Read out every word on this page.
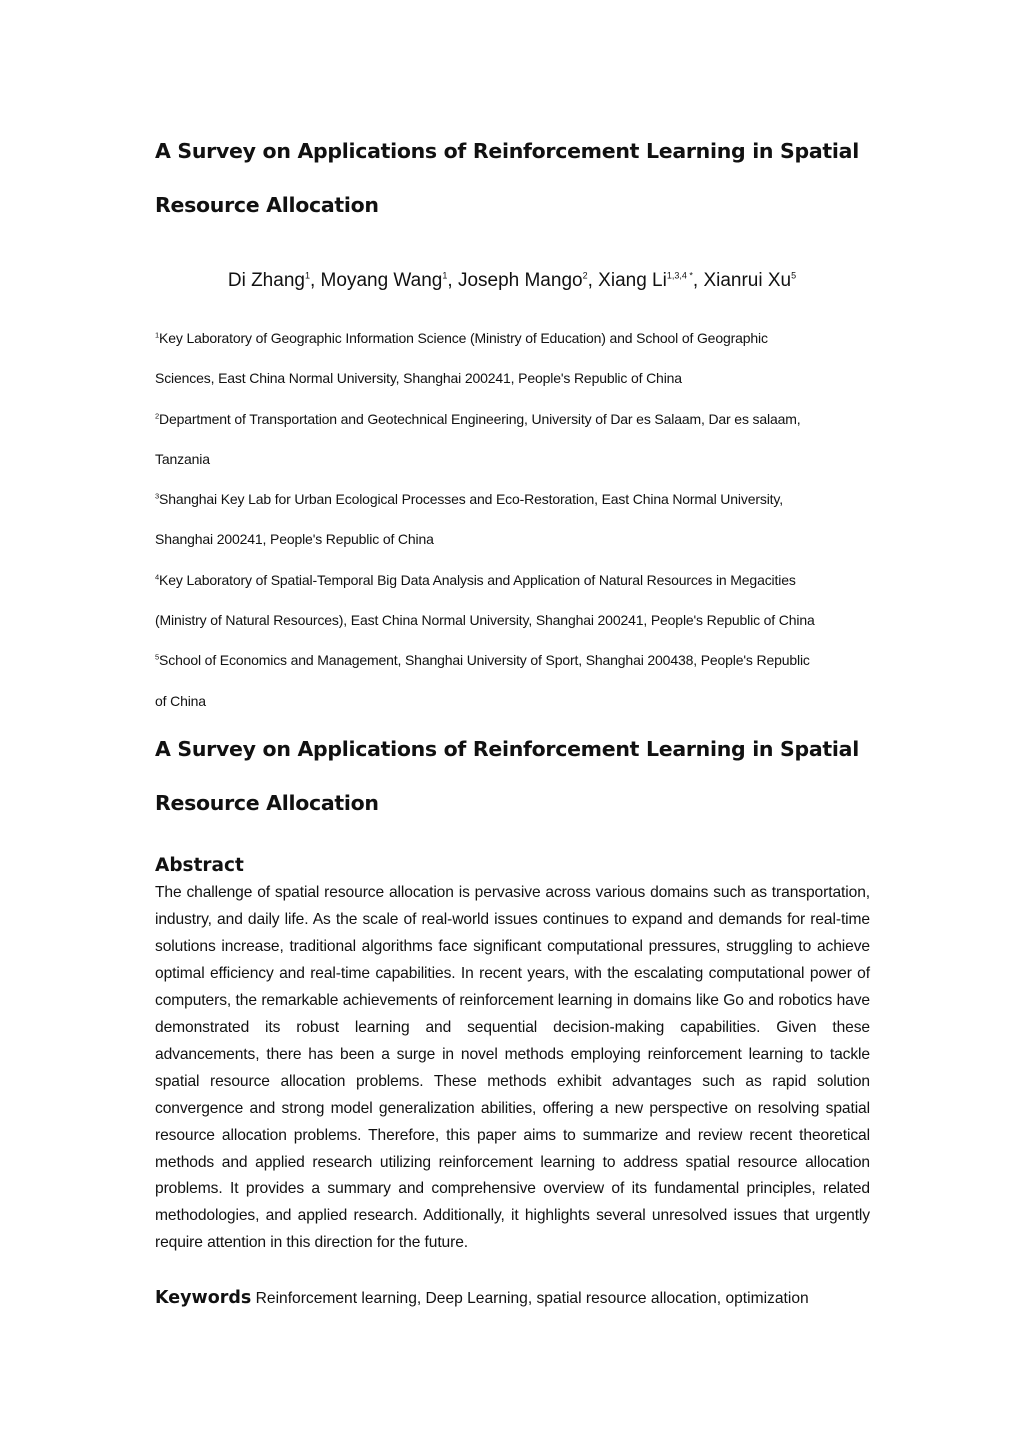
A Survey on Applications of Reinforcement Learning in Spatial
Resource Allocation
Di Zhang$^1$, Moyang Wang$^1$, Joseph Mango$^2$, Xiang $Li^{1,3,4 *}$, Xianrui Xu$^5$

$^1$Key Laboratory of Geographic Information Science (Ministry of Education) and School of Geographic

Sciences, East China Normal University, Shanghai 200241, People's Republic of China

$^2$Department of Transportation and Geotechnical Engineering, University of Dar es Salaam, Dar es salaam,

Tanzania

$^3$Shanghai Key Lab for Urban Ecological Processes and Eco-Restoration, East China Normal University,

Shanghai 200241, People's Republic of China

$^4$Key Laboratory of Spatial-Temporal Big Data Analysis and Application of Natural Resources in Megacities

(Ministry of Natural Resources), East China Normal University, Shanghai 200241, People's Republic of China

$^5$School of Economics and Management, Shanghai University of Sport, Shanghai 200438, People's Republic

of China

A Survey on Applications of Reinforcement Learning in Spatial
Resource Allocation
Abstract

The challenge of spatial resource allocation is pervasive across various domains such as transportation, industry, and daily life. As the scale of real-world issues continues to expand and demands for real-time solutions increase, traditional algorithms face significant computational pressures, struggling to achieve optimal efficiency and real-time capabilities. In recent years, with the escalating computational power of computers, the remarkable achievements of reinforcement learning in domains like Go and robotics have demonstrated its robust learning and sequential decision-making capabilities. Given these advancements, there has been a surge in novel methods employing reinforcement learning to tackle spatial resource allocation problems. These methods exhibit advantages such as rapid solution convergence and strong model generalization abilities, offering a new perspective on resolving spatial resource allocation problems. Therefore, this paper aims to summarize and review recent theoretical methods and applied research utilizing reinforcement learning to address spatial resource allocation problems. It provides a summary and comprehensive overview of its fundamental principles, related methodologies, and applied research. Additionally, it highlights several unresolved issues that urgently require attention in this direction for the future.

Keywords Reinforcement learning, Deep Learning, spatial resource allocation, optimization
